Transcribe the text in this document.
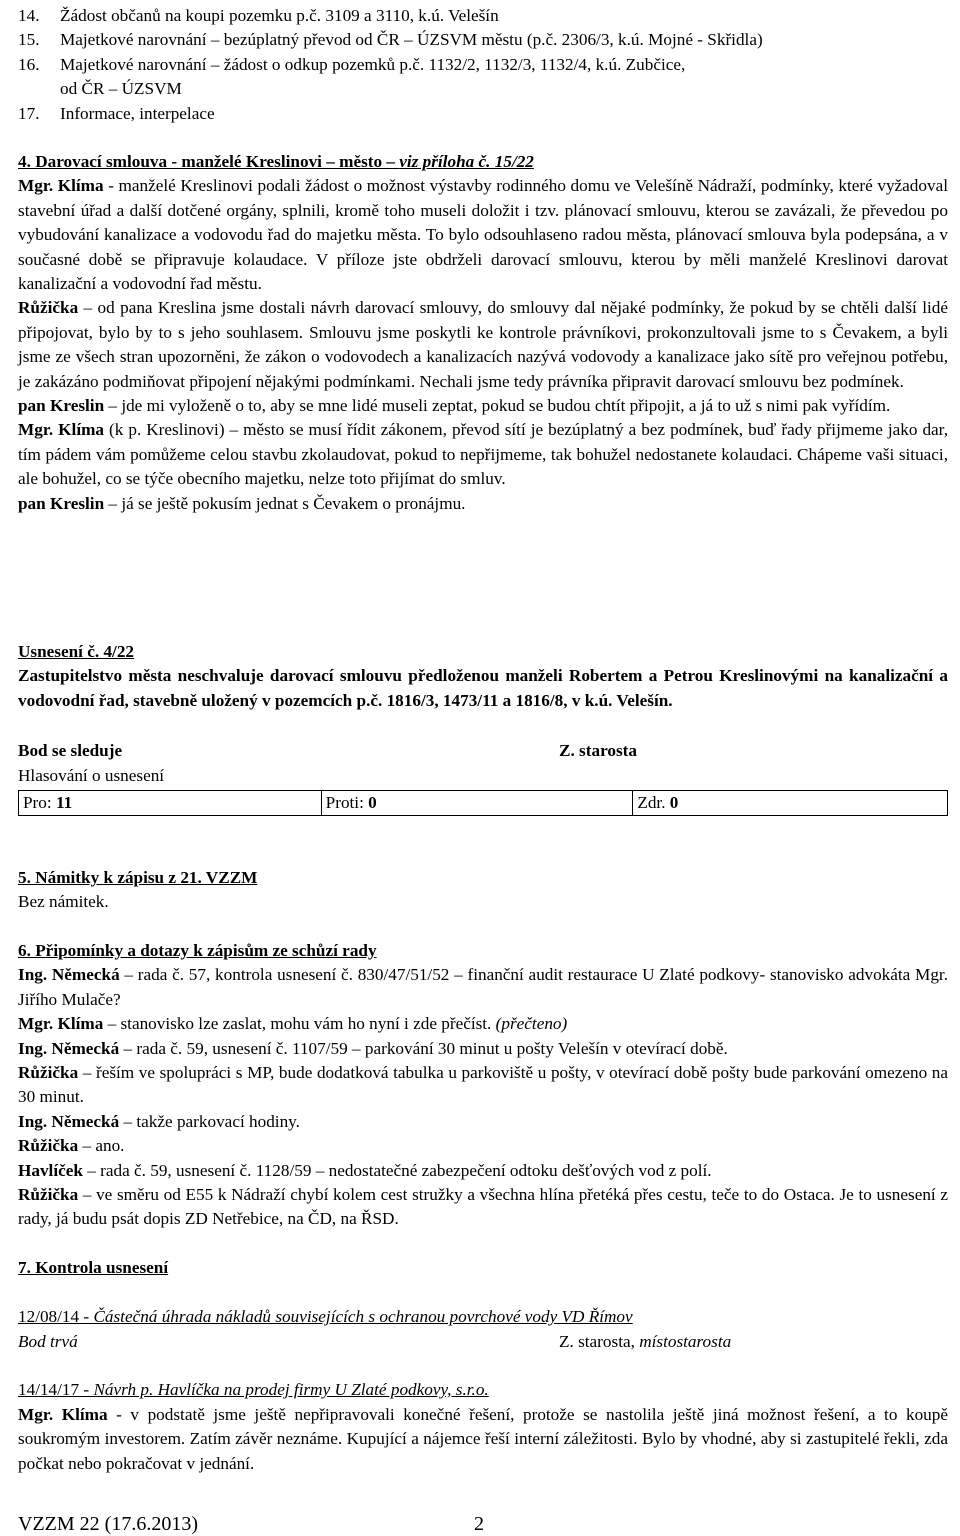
14. Žádost občanů na koupi pozemku p.č. 3109 a 3110, k.ú. Velešín
15. Majetkové narovnání – bezúplatný převod od ČR – ÚZSVM městu (p.č. 2306/3, k.ú. Mojné - Skřidla)
16. Majetkové narovnání – žádost o odkup pozemků p.č. 1132/2, 1132/3, 1132/4, k.ú. Zubčice,
od ČR – ÚZSVM
17. Informace, interpelace
4. Darovací smlouva - manželé Kreslinovi – město – viz příloha č. 15/22

Mgr. Klíma - manželé Kreslinovi podali žádost o možnost výstavby rodinného domu ve Velešíně Nádraží, podmínky, které vyžadoval stavební úřad a další dotčené orgány, splnili, kromě toho museli doložit i tzv. plánovací smlouvu, kterou se zavázali, že převedou po vybudování kanalizace a vodovodu řad do majetku města. To bylo odsouhlaseno radou města, plánovací smlouva byla podepsána, a v současné době se připravuje kolaudace. V příloze jste obdrželi darovací smlouvu, kterou by měli manželé Kreslinovi darovat kanalizační a vodovodní řad městu.

Růžička – od pana Kreslina jsme dostali návrh darovací smlouvy, do smlouvy dal nějaké podmínky, že pokud by se chtěli další lidé připojovat, bylo by to s jeho souhlasem. Smlouvu jsme poskytli ke kontrole právníkovi, prokonzultovali jsme to s Čevakem, a byli jsme ze všech stran upozorněni, že zákon o vodovodech a kanalizacích nazývá vodovody a kanalizace jako sítě pro veřejnou potřebu, je zakázáno podmiňovat připojení nějakými podmínkami. Nechali jsme tedy právníka připravit darovací smlouvu bez podmínek.

pan Kreslin – jde mi vyloženě o to, aby se mne lidé museli zeptat, pokud se budou chtít připojit, a já to už s nimi pak vyřídím.

Mgr. Klíma (k p. Kreslinovi) – město se musí řídit zákonem, převod sítí je bezúplatný a bez podmínek, buď řady přijmeme jako dar, tím pádem vám pomůžeme celou stavbu zkolaudovat, pokud to nepřijmeme, tak bohužel nedostanete kolaudaci. Chápeme vaši situaci, ale bohužel, co se týče obecního majetku, nelze toto přijímat do smluv.

pan Kreslin – já se ještě pokusím jednat s Čevakem o pronájmu.

Usnesení č. 4/22
Zastupitelstvo města neschvaluje darovací smlouvu předloženou manželi Robertem a Petrou Kreslinovými na kanalizační a vodovodní řad, stavebně uložený v pozemcích p.č. 1816/3, 1473/11 a 1816/8, v k.ú. Velešín.
Bod se sleduje	Z. starosta
Hlasování o usnesení
Pro: 11	Proti: 0	Zdr. 0
5. Námitky k zápisu z 21. VZZM
Bez námitek.
6. Připomínky a dotazy k zápisům ze schůzí rady

Ing. Německá – rada č. 57, kontrola usnesení č. 830/47/51/52 – finanční audit restaurace U Zlaté podkovy- stanovisko advokáta Mgr. Jiřího Mulače?

Mgr. Klíma – stanovisko lze zaslat, mohu vám ho nyní i zde přečíst. (přečteno)

Ing. Německá – rada č. 59, usnesení č. 1107/59 – parkování 30 minut u pošty Velešín v otevírací době.

Růžička – řeším ve spolupráci s MP, bude dodatková tabulka u parkoviště u pošty, v otevírací době pošty bude parkování omezeno na 30 minut.

Ing. Německá – takže parkovací hodiny.

Růžička – ano.

Havlíček – rada č. 59, usnesení č. 1128/59 – nedostatečné zabezpečení odtoku dešťových vod z polí.

Růžička – ve směru od E55 k Nádraží chybí kolem cest stružky a všechna hlína přetéká přes cestu, teče to do Ostaca. Je to usnesení z rady, já budu psát dopis ZD Netřebice, na ČD, na ŘSD.

7. Kontrola usnesení
12/08/14 - Částečná úhrada nákladů souvisejících s ochranou povrchové vody VD Římov
Bod trvá	Z. starosta, místostarosta
14/14/17 - Návrh p. Havlíčka na prodej firmy U Zlaté podkovy, s.r.o.

Mgr. Klíma - v podstatě jsme ještě nepřipravovali konečné řešení, protože se nastolila ještě jiná možnost řešení, a to koupě soukromým investorem. Zatím závěr neznáme. Kupující a nájemce řeší interní záležitosti. Bylo by vhodné, aby si zastupitelé řekli, zda počkat nebo pokračovat v jednání.

VZZM 22 (17.6.2013)	2
